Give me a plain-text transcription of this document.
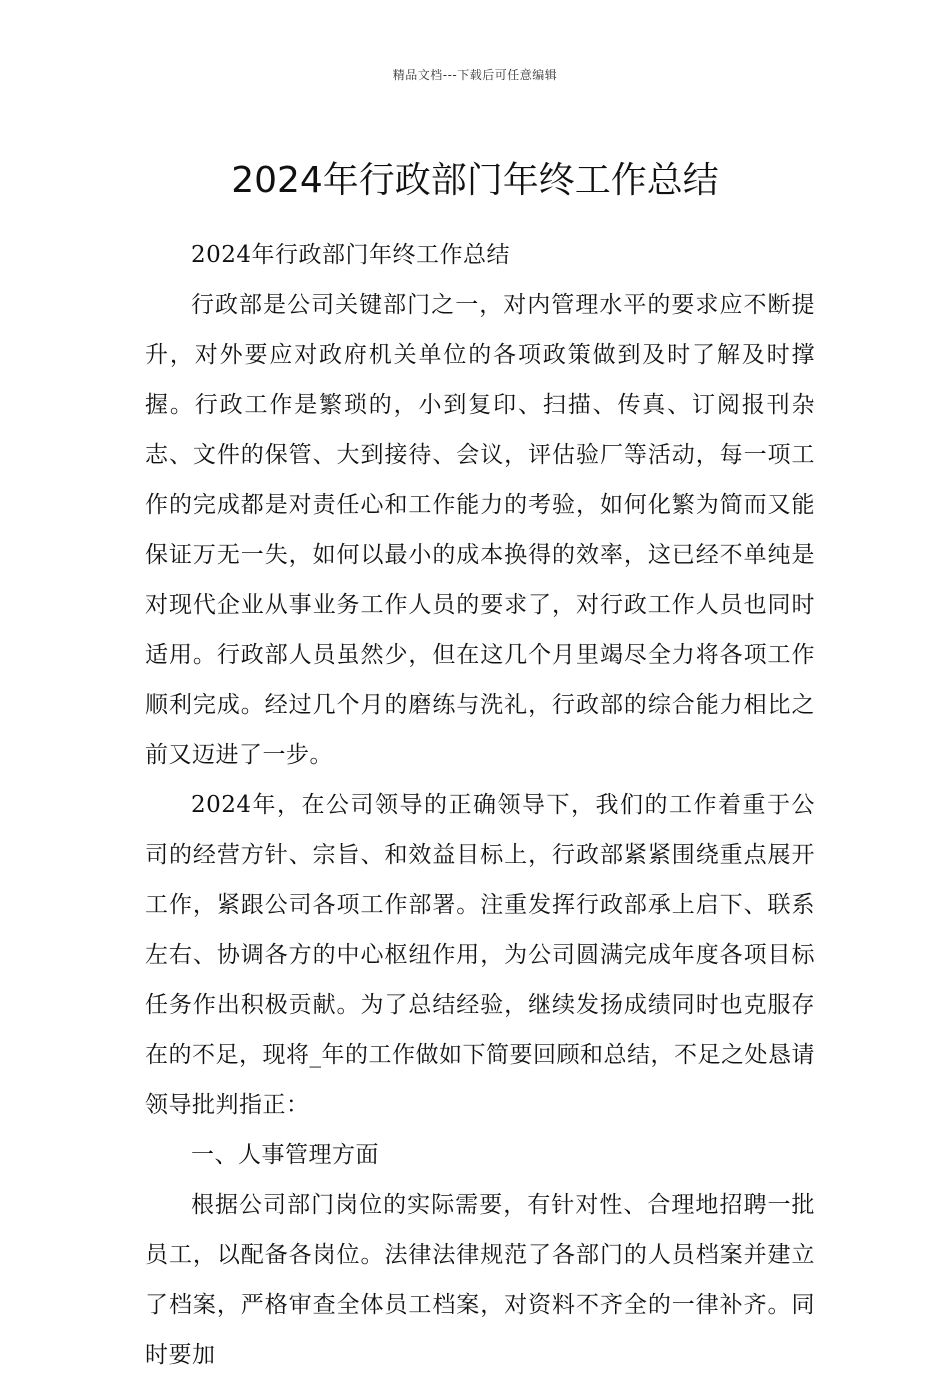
精品文档---下载后可任意编辑
2024年行政部门年终工作总结

2024年行政部门年终工作总结

行政部是公司关键部门之一，对内管理水平的要求应不断提升，对外要应对政府机关单位的各项政策做到及时了解及时撑握。行政工作是繁琐的，小到复印、扫描、传真、订阅报刊杂志、文件的保管、大到接待、会议，评估验厂等活动，每一项工作的完成都是对责任心和工作能力的考验，如何化繁为简而又能保证万无一失，如何以最小的成本换得的效率，这已经不单纯是对现代企业从事业务工作人员的要求了，对行政工作人员也同时适用。行政部人员虽然少，但在这几个月里竭尽全力将各项工作顺利完成。经过几个月的磨练与洗礼，行政部的综合能力相比之前又迈进了一步。

2024年，在公司领导的正确领导下，我们的工作着重于公司的经营方针、宗旨、和效益目标上，行政部紧紧围绕重点展开工作，紧跟公司各项工作部署。注重发挥行政部承上启下、联系左右、协调各方的中心枢纽作用，为公司圆满完成年度各项目标任务作出积极贡献。为了总结经验，继续发扬成绩同时也克服存在的不足，现将_年的工作做如下简要回顾和总结，不足之处恳请领导批判指正：

一、人事管理方面

根据公司部门岗位的实际需要，有针对性、合理地招聘一批员工，以配备各岗位。法律法律规范了各部门的人员档案并建立了档案，严格审查全体员工档案，对资料不齐全的一律补齐。同时要加
